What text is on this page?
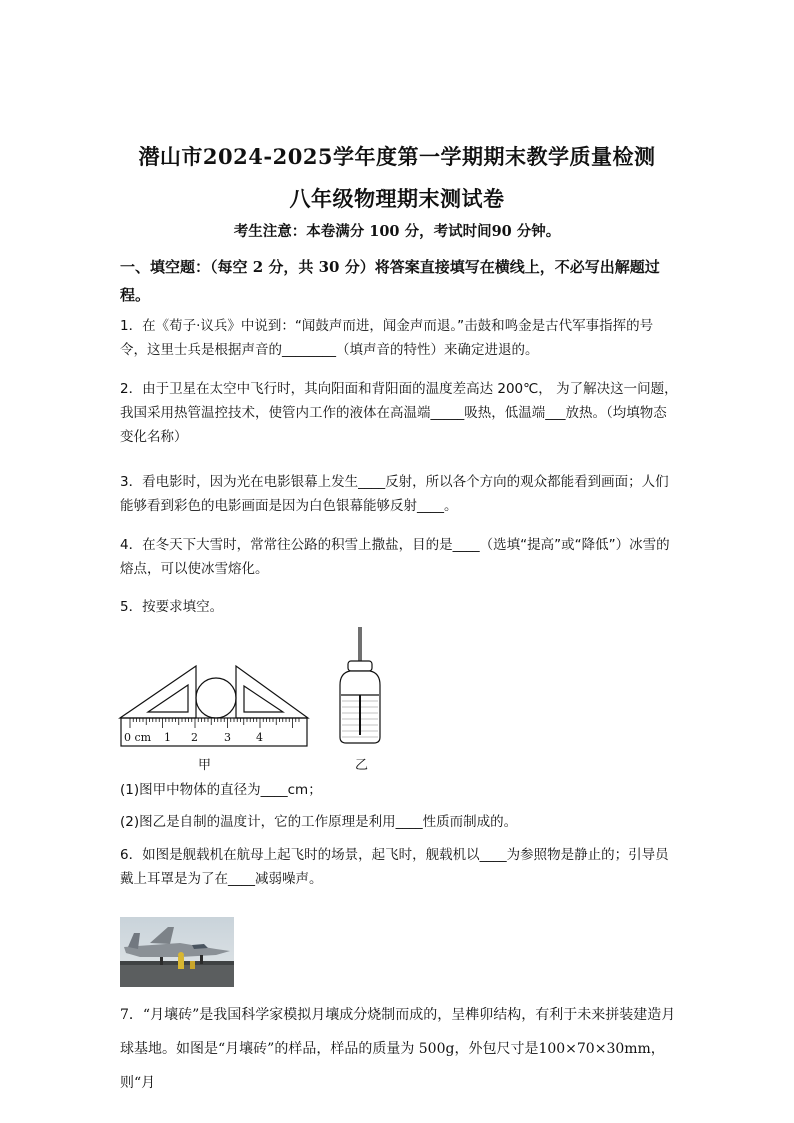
潜山市2024-2025学年度第一学期期末教学质量检测
八年级物理期末测试卷
考生注意：本卷满分 100 分，考试时间90 分钟。
一、填空题：（每空 2 分，共 30 分）将答案直接填写在横线上，不必写出解题过程。
1．在《荀子·议兵》中说到：“闻鼓声而进，闻金声而退。”击鼓和鸣金是古代军事指挥的号令，这里士兵是根据声音的________（填声音的特性）来确定进退的。
2．由于卫星在太空中飞行时，其向阳面和背阳面的温度差高达 200℃， 为了解决这一问题，我国采用热管温控技术，使管内工作的液体在高温端_____吸热，低温端___放热。（均填物态变化名称）
3．看电影时，因为光在电影银幕上发生____反射，所以各个方向的观众都能看到画面；人们能够看到彩色的电影画面是因为白色银幕能够反射____。
4．在冬天下大雪时，常常往公路的积雪上撒盐，目的是____（选填“提高”或“降低”）冰雪的熔点，可以使冰雪熔化。
5．按要求填空。
0 cm 1 2 3 4
甲	乙
(1)图甲中物体的直径为____cm；
(2)图乙是自制的温度计，它的工作原理是利用____性质而制成的。
6．如图是舰载机在航母上起飞时的场景，起飞时，舰载机以____为参照物是静止的；引导员戴上耳罩是为了在____减弱噪声。
7．“月壤砖”是我国科学家模拟月壤成分烧制而成的，呈榫卯结构，有利于未来拼装建造月球基地。如图是“月壤砖”的样品，样品的质量为 500g，外包尺寸是100×70×30mm，则“月
